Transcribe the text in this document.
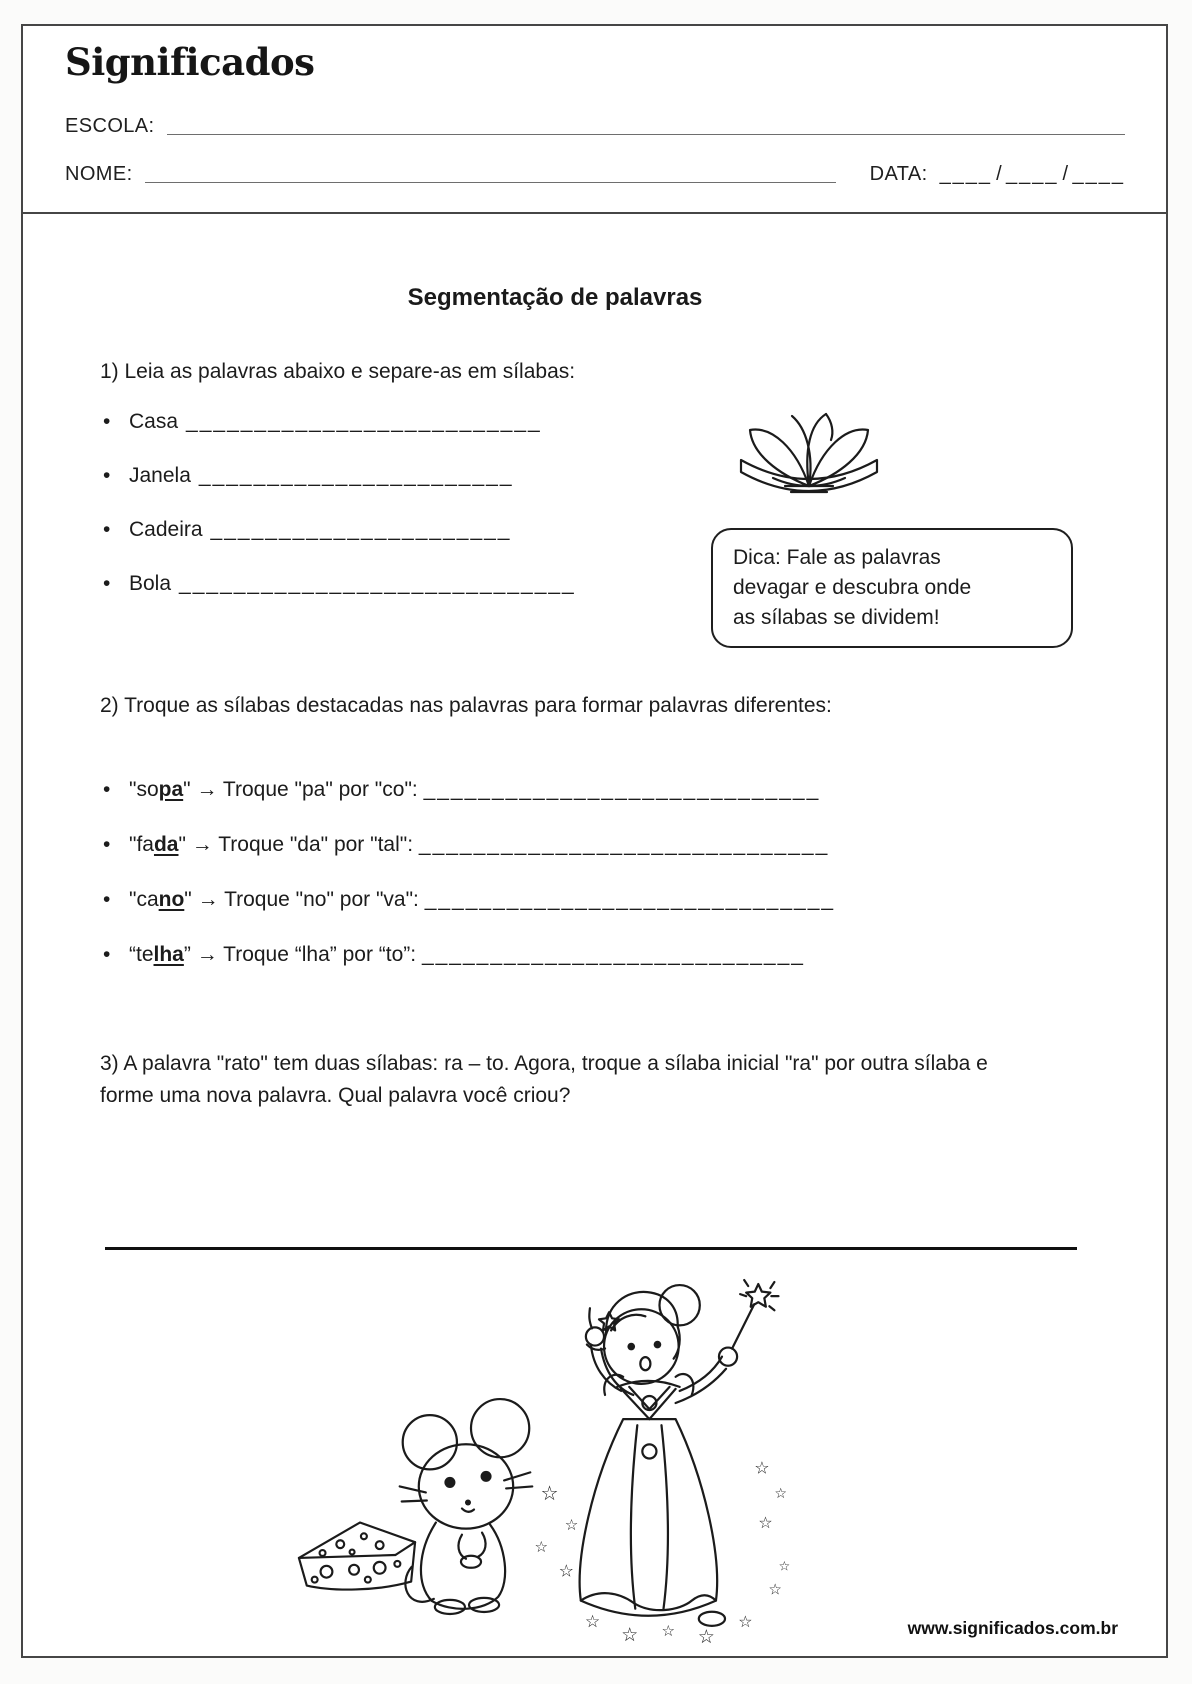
Significados
ESCOLA:
NOME:	DATA: ____ / ____ / ____
Segmentação de palavras
1) Leia as palavras abaixo e separe-as em sílabas:
• Casa __________________________
• Janela _______________________
• Cadeira ______________________
• Bola _____________________________
Dica: Fale as palavras devagar e descubra onde as sílabas se dividem!
2) Troque as sílabas destacadas nas palavras para formar palavras diferentes:
• "so pa " → Troque "pa" por "co": _____________________________
• "fa da " → Troque "da" por "tal": ______________________________
• "ca no " → Troque "no" por "va": ______________________________
• “te lha ” → Troque “lha” por “to”: ____________________________
3) A palavra "rato" tem duas sílabas: ra – to. Agora, troque a sílaba inicial "ra" por outra sílaba e forme uma nova palavra. Qual palavra você criou?
☆
☆
☆
☆
☆
☆
☆
☆
☆ ☆ ☆
☆
☆
☆
www.significados.com.br
